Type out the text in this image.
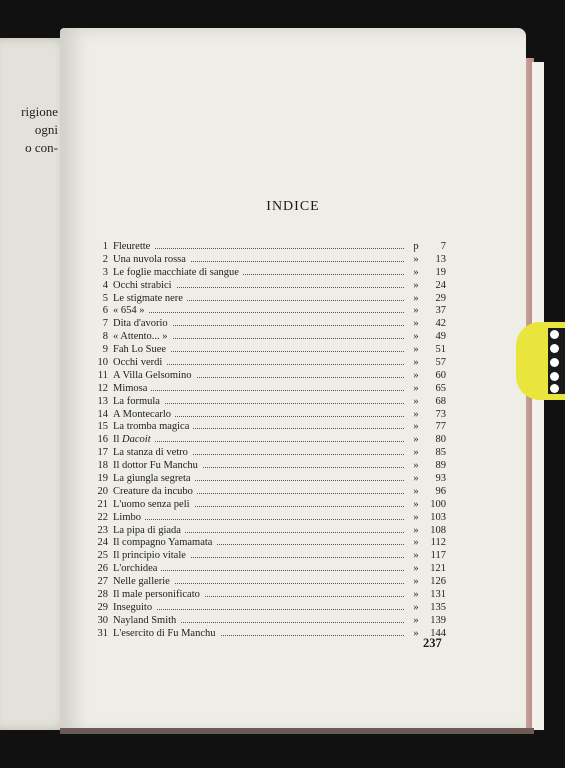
rigione
ogni
o con-
INDICE
1 Fleurette	p	7
2 Una nuvola rossa	»	13
3 Le foglie macchiate di sangue	»	19
4 Occhi strabici	»	24
5 Le stigmate nere	»	29
6 « 654 »	»	37
7 Dita d'avorio	»	42
8 « Attento... »	»	49
9 Fah Lo Suee	»	51
10 Occhi verdi	»	57
11 A Villa Gelsomino	»	60
12 Mimosa	»	65
13 La formula	»	68
14 A Montecarlo	»	73
15 La tromba magica	»	77
16 Il Dacoit	»	80
17 La stanza di vetro	»	85
18 Il dottor Fu Manchu	»	89
19 La giungla segreta	»	93
20 Creature da incubo	»	96
21 L'uomo senza peli	»	100
22 Limbo	»	103
23 La pipa di giada	»	108
24 Il compagno Yamamata	»	112
25 Il principio vitale	»	117
26 L'orchidea	»	121
27 Nelle gallerie	»	126
28 Il male personificato	»	131
29 Inseguito	»	135
30 Nayland Smith	»	139
31 L'esercito di Fu Manchu	»	144
237
